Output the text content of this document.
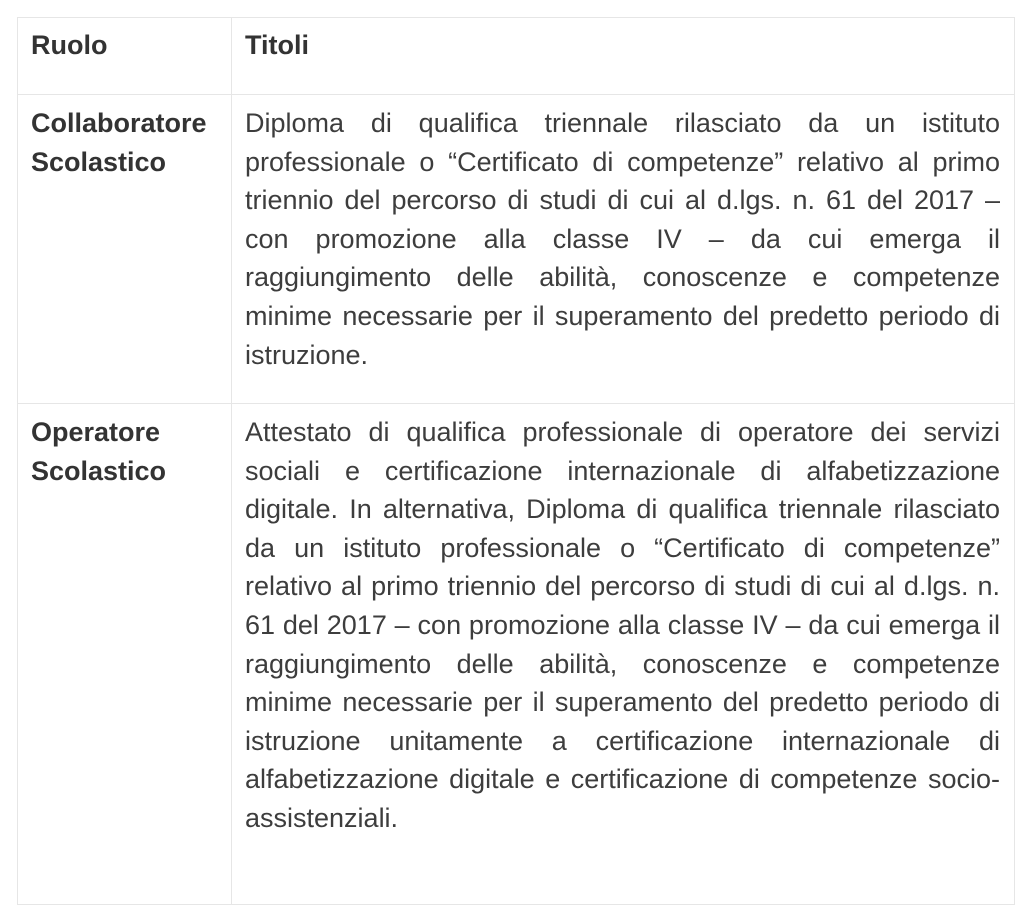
Ruolo	Titoli

Collaboratore Scolastico	Diploma di qualifica triennale rilasciato da un istituto professionale o “Certificato di competenze” relativo al primo triennio del percorso di studi di cui al d.lgs. n. 61 del 2017 – con promozione alla classe IV – da cui emerga il raggiungimento delle abilità, conoscenze e competenze minime necessarie per il superamento del predetto periodo di istruzione.

Operatore Scolastico	Attestato di qualifica professionale di operatore dei servizi sociali e certificazione internazionale di alfabetizzazione digitale. In alternativa, Diploma di qualifica triennale rilasciato da un istituto professionale o “Certificato di competenze” relativo al primo triennio del percorso di studi di cui al d.lgs. n. 61 del 2017 – con promozione alla classe IV – da cui emerga il raggiungimento delle abilità, conoscenze e competenze minime necessarie per il superamento del predetto periodo di istruzione unitamente a certificazione internazionale di alfabetizzazione digitale e certificazione di competenze socio-assistenziali.
